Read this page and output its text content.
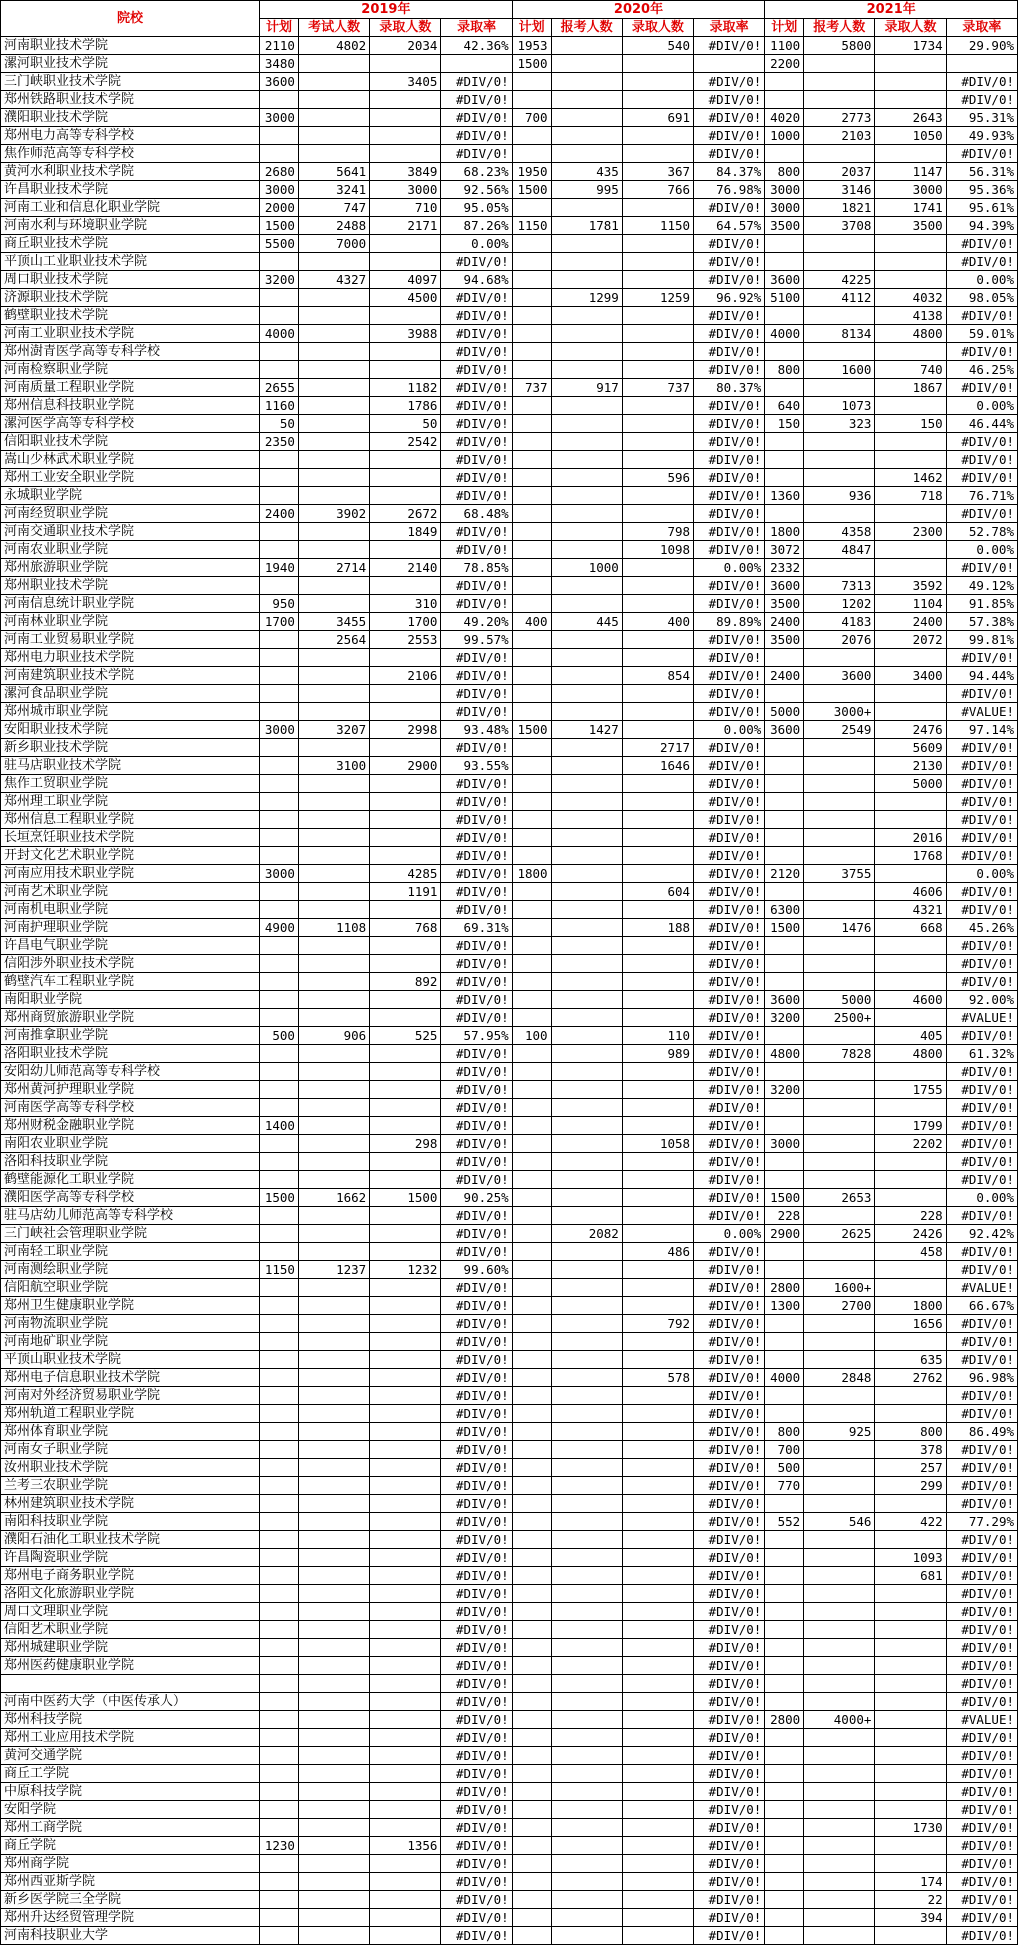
院校	2019年				2020年				2021年			
	计划	考试人数	录取人数	录取率	计划	报考人数	录取人数	录取率	计划	报考人数	录取人数	录取率
河南职业技术学院	2110	4802	2034	42.36%	1953		540	#DIV/0!	1100	5800	1734	29.90%
漯河职业技术学院	3480				1500				2200			
三门峡职业技术学院	3600		3405	#DIV/0!				#DIV/0!				#DIV/0!
郑州铁路职业技术学院				#DIV/0!				#DIV/0!				#DIV/0!
濮阳职业技术学院	3000			#DIV/0!	700		691	#DIV/0!	4020	2773	2643	95.31%
郑州电力高等专科学校				#DIV/0!				#DIV/0!	1000	2103	1050	49.93%
焦作师范高等专科学校				#DIV/0!				#DIV/0!				#DIV/0!
黄河水利职业技术学院	2680	5641	3849	68.23%	1950	435	367	84.37%	800	2037	1147	56.31%
许昌职业技术学院	3000	3241	3000	92.56%	1500	995	766	76.98%	3000	3146	3000	95.36%
河南工业和信息化职业学院	2000	747	710	95.05%				#DIV/0!	3000	1821	1741	95.61%
河南水利与环境职业学院	1500	2488	2171	87.26%	1150	1781	1150	64.57%	3500	3708	3500	94.39%
商丘职业技术学院	5500	7000		0.00%				#DIV/0!				#DIV/0!
平顶山工业职业技术学院				#DIV/0!				#DIV/0!				#DIV/0!
周口职业技术学院	3200	4327	4097	94.68%				#DIV/0!	3600	4225		0.00%
济源职业技术学院			4500	#DIV/0!		1299	1259	96.92%	5100	4112	4032	98.05%
鹤壁职业技术学院				#DIV/0!				#DIV/0!			4138	#DIV/0!
河南工业职业技术学院	4000		3988	#DIV/0!				#DIV/0!	4000	8134	4800	59.01%
郑州澍青医学高等专科学校				#DIV/0!				#DIV/0!				#DIV/0!
河南检察职业学院				#DIV/0!				#DIV/0!	800	1600	740	46.25%
河南质量工程职业学院	2655		1182	#DIV/0!	737	917	737	80.37%			1867	#DIV/0!
郑州信息科技职业学院	1160		1786	#DIV/0!				#DIV/0!	640	1073		0.00%
漯河医学高等专科学校	50		50	#DIV/0!				#DIV/0!	150	323	150	46.44%
信阳职业技术学院	2350		2542	#DIV/0!				#DIV/0!				#DIV/0!
嵩山少林武术职业学院				#DIV/0!				#DIV/0!				#DIV/0!
郑州工业安全职业学院				#DIV/0!			596	#DIV/0!			1462	#DIV/0!
永城职业学院				#DIV/0!				#DIV/0!	1360	936	718	76.71%
河南经贸职业学院	2400	3902	2672	68.48%				#DIV/0!				#DIV/0!
河南交通职业技术学院			1849	#DIV/0!			798	#DIV/0!	1800	4358	2300	52.78%
河南农业职业学院				#DIV/0!			1098	#DIV/0!	3072	4847		0.00%
郑州旅游职业学院	1940	2714	2140	78.85%		1000		0.00%	2332			#DIV/0!
郑州职业技术学院				#DIV/0!				#DIV/0!	3600	7313	3592	49.12%
河南信息统计职业学院	950		310	#DIV/0!				#DIV/0!	3500	1202	1104	91.85%
河南林业职业学院	1700	3455	1700	49.20%	400	445	400	89.89%	2400	4183	2400	57.38%
河南工业贸易职业学院		2564	2553	99.57%				#DIV/0!	3500	2076	2072	99.81%
郑州电力职业技术学院				#DIV/0!				#DIV/0!				#DIV/0!
河南建筑职业技术学院			2106	#DIV/0!			854	#DIV/0!	2400	3600	3400	94.44%
漯河食品职业学院				#DIV/0!				#DIV/0!				#DIV/0!
郑州城市职业学院				#DIV/0!				#DIV/0!	5000	3000+		#VALUE!
安阳职业技术学院	3000	3207	2998	93.48%	1500	1427		0.00%	3600	2549	2476	97.14%
新乡职业技术学院				#DIV/0!			2717	#DIV/0!			5609	#DIV/0!
驻马店职业技术学院		3100	2900	93.55%			1646	#DIV/0!			2130	#DIV/0!
焦作工贸职业学院				#DIV/0!				#DIV/0!			5000	#DIV/0!
郑州理工职业学院				#DIV/0!				#DIV/0!				#DIV/0!
郑州信息工程职业学院				#DIV/0!				#DIV/0!				#DIV/0!
长垣烹饪职业技术学院				#DIV/0!				#DIV/0!			2016	#DIV/0!
开封文化艺术职业学院				#DIV/0!				#DIV/0!			1768	#DIV/0!
河南应用技术职业学院	3000		4285	#DIV/0!	1800			#DIV/0!	2120	3755		0.00%
河南艺术职业学院			1191	#DIV/0!			604	#DIV/0!			4606	#DIV/0!
河南机电职业学院				#DIV/0!				#DIV/0!	6300		4321	#DIV/0!
河南护理职业学院	4900	1108	768	69.31%			188	#DIV/0!	1500	1476	668	45.26%
许昌电气职业学院				#DIV/0!				#DIV/0!				#DIV/0!
信阳涉外职业技术学院				#DIV/0!				#DIV/0!				#DIV/0!
鹤壁汽车工程职业学院			892	#DIV/0!				#DIV/0!				#DIV/0!
南阳职业学院				#DIV/0!				#DIV/0!	3600	5000	4600	92.00%
郑州商贸旅游职业学院				#DIV/0!				#DIV/0!	3200	2500+		#VALUE!
河南推拿职业学院	500	906	525	57.95%	100		110	#DIV/0!			405	#DIV/0!
洛阳职业技术学院				#DIV/0!			989	#DIV/0!	4800	7828	4800	61.32%
安阳幼儿师范高等专科学校				#DIV/0!				#DIV/0!				#DIV/0!
郑州黄河护理职业学院				#DIV/0!				#DIV/0!	3200		1755	#DIV/0!
河南医学高等专科学校				#DIV/0!				#DIV/0!				#DIV/0!
郑州财税金融职业学院	1400			#DIV/0!				#DIV/0!			1799	#DIV/0!
南阳农业职业学院			298	#DIV/0!			1058	#DIV/0!	3000		2202	#DIV/0!
洛阳科技职业学院				#DIV/0!				#DIV/0!				#DIV/0!
鹤壁能源化工职业学院				#DIV/0!				#DIV/0!				#DIV/0!
濮阳医学高等专科学校	1500	1662	1500	90.25%				#DIV/0!	1500	2653		0.00%
驻马店幼儿师范高等专科学校				#DIV/0!				#DIV/0!	228		228	#DIV/0!
三门峡社会管理职业学院				#DIV/0!		2082		0.00%	2900	2625	2426	92.42%
河南轻工职业学院				#DIV/0!			486	#DIV/0!			458	#DIV/0!
河南测绘职业学院	1150	1237	1232	99.60%				#DIV/0!				#DIV/0!
信阳航空职业学院				#DIV/0!				#DIV/0!	2800	1600+		#VALUE!
郑州卫生健康职业学院				#DIV/0!				#DIV/0!	1300	2700	1800	66.67%
河南物流职业学院				#DIV/0!			792	#DIV/0!			1656	#DIV/0!
河南地矿职业学院				#DIV/0!				#DIV/0!				#DIV/0!
平顶山职业技术学院				#DIV/0!				#DIV/0!			635	#DIV/0!
郑州电子信息职业技术学院				#DIV/0!			578	#DIV/0!	4000	2848	2762	96.98%
河南对外经济贸易职业学院				#DIV/0!				#DIV/0!				#DIV/0!
郑州轨道工程职业学院				#DIV/0!				#DIV/0!				#DIV/0!
郑州体育职业学院				#DIV/0!				#DIV/0!	800	925	800	86.49%
河南女子职业学院				#DIV/0!				#DIV/0!	700		378	#DIV/0!
汝州职业技术学院				#DIV/0!				#DIV/0!	500		257	#DIV/0!
兰考三农职业学院				#DIV/0!				#DIV/0!	770		299	#DIV/0!
林州建筑职业技术学院				#DIV/0!				#DIV/0!				#DIV/0!
南阳科技职业学院				#DIV/0!				#DIV/0!	552	546	422	77.29%
濮阳石油化工职业技术学院				#DIV/0!				#DIV/0!				#DIV/0!
许昌陶瓷职业学院				#DIV/0!				#DIV/0!			1093	#DIV/0!
郑州电子商务职业学院				#DIV/0!				#DIV/0!			681	#DIV/0!
洛阳文化旅游职业学院				#DIV/0!				#DIV/0!				#DIV/0!
周口文理职业学院				#DIV/0!				#DIV/0!				#DIV/0!
信阳艺术职业学院				#DIV/0!				#DIV/0!				#DIV/0!
郑州城建职业学院				#DIV/0!				#DIV/0!				#DIV/0!
郑州医药健康职业学院				#DIV/0!				#DIV/0!				#DIV/0!
				#DIV/0!				#DIV/0!				#DIV/0!
河南中医药大学（中医传承人）				#DIV/0!				#DIV/0!				#DIV/0!
郑州科技学院				#DIV/0!				#DIV/0!	2800	4000+		#VALUE!
郑州工业应用技术学院				#DIV/0!				#DIV/0!				#DIV/0!
黄河交通学院				#DIV/0!				#DIV/0!				#DIV/0!
商丘工学院				#DIV/0!				#DIV/0!				#DIV/0!
中原科技学院				#DIV/0!				#DIV/0!				#DIV/0!
安阳学院				#DIV/0!				#DIV/0!				#DIV/0!
郑州工商学院				#DIV/0!				#DIV/0!			1730	#DIV/0!
商丘学院	1230		1356	#DIV/0!				#DIV/0!				#DIV/0!
郑州商学院				#DIV/0!				#DIV/0!				#DIV/0!
郑州西亚斯学院				#DIV/0!				#DIV/0!			174	#DIV/0!
新乡医学院三全学院				#DIV/0!				#DIV/0!			22	#DIV/0!
郑州升达经贸管理学院				#DIV/0!				#DIV/0!			394	#DIV/0!
河南科技职业大学				#DIV/0!				#DIV/0!				#DIV/0!
